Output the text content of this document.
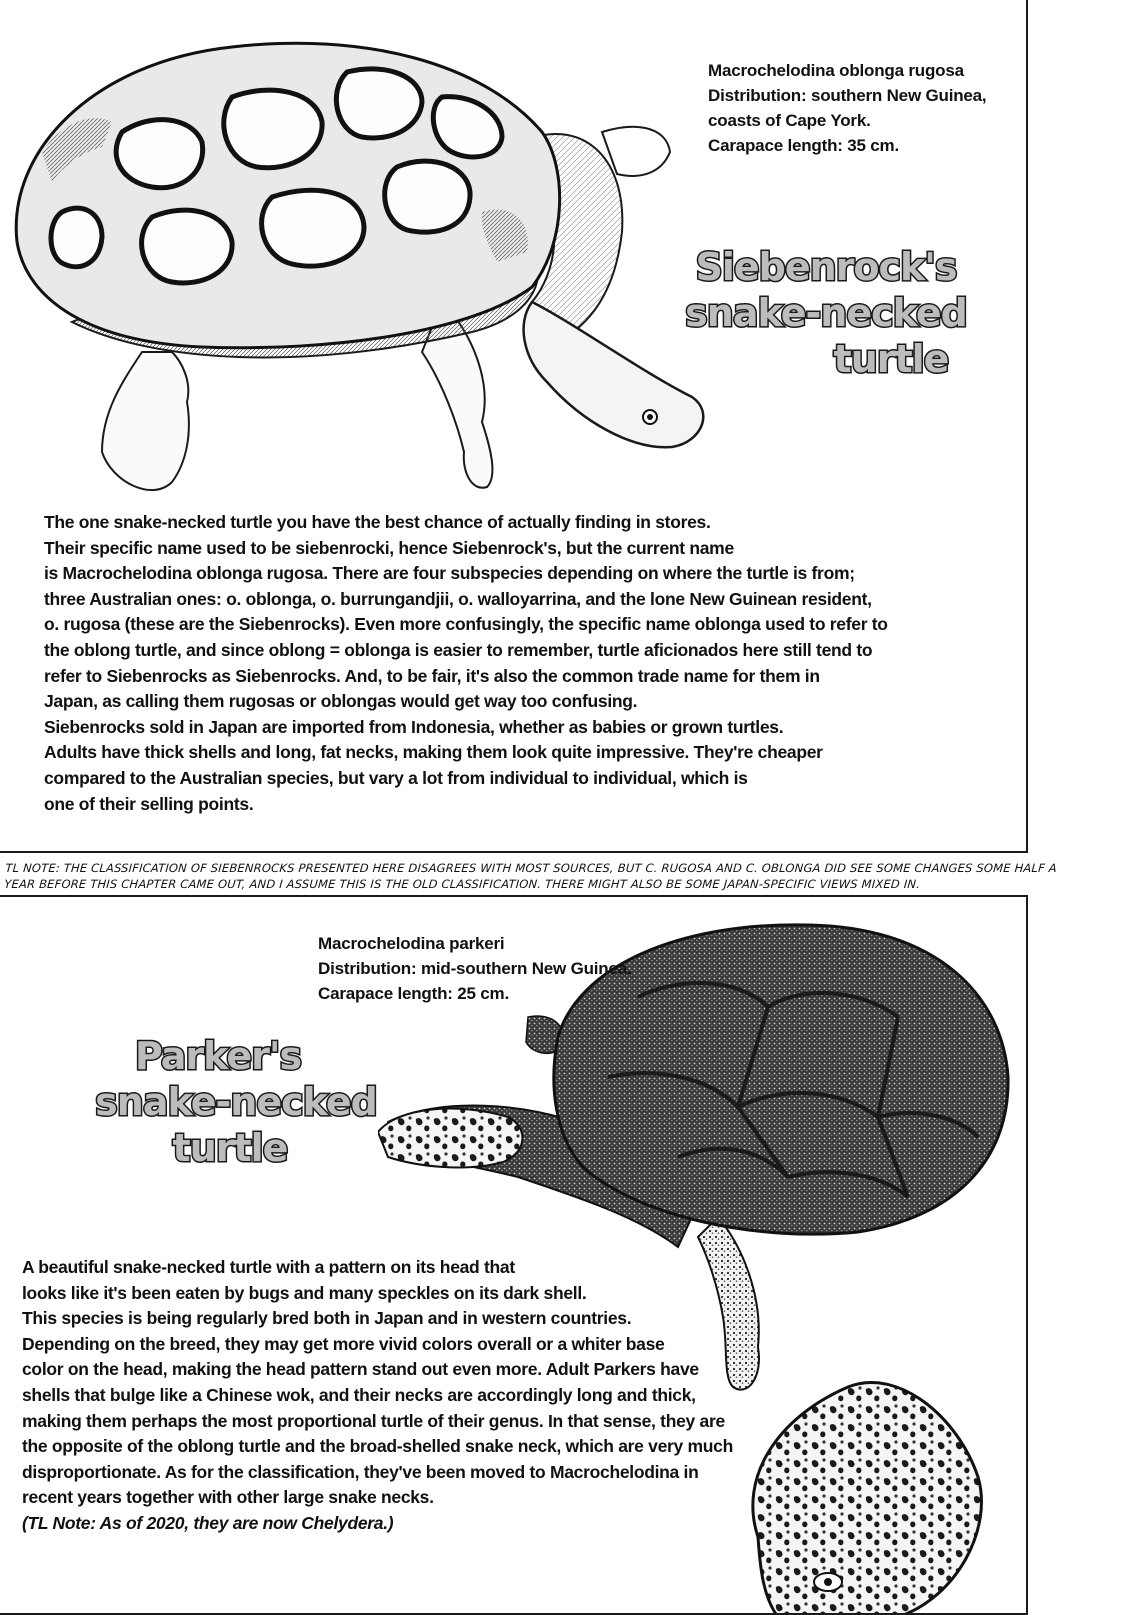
Macrochelodina oblonga rugosa
Distribution: southern New Guinea,
coasts of Cape York.
Carapace length: 35 cm.
Siebenrock's
snake-necked
turtle

The one snake-necked turtle you have the best chance of actually finding in stores.

Their specific name used to be siebenrocki, hence Siebenrock's, but the current name

is Macrochelodina oblonga rugosa. There are four subspecies depending on where the turtle is from;

three Australian ones: o. oblonga, o. burrungandjii, o. walloyarrina, and the lone New Guinean resident,

o. rugosa (these are the Siebenrocks). Even more confusingly, the specific name oblonga used to refer to

the oblong turtle, and since oblong = oblonga is easier to remember, turtle aficionados here still tend to

refer to Siebenrocks as Siebenrocks. And, to be fair, it's also the common trade name for them in

Japan, as calling them rugosas or oblongas would get way too confusing.

Siebenrocks sold in Japan are imported from Indonesia, whether as babies or grown turtles.

Adults have thick shells and long, fat necks, making them look quite impressive. They're cheaper

compared to the Australian species, but vary a lot from individual to individual, which is

one of their selling points.

TL NOTE: THE CLASSIFICATION OF SIEBENROCKS PRESENTED HERE DISAGREES WITH MOST SOURCES, BUT C. RUGOSA AND C. OBLONGA DID SEE SOME CHANGES SOME HALF A
YEAR BEFORE THIS CHAPTER CAME OUT, AND I ASSUME THIS IS THE OLD CLASSIFICATION. THERE MIGHT ALSO BE SOME JAPAN-SPECIFIC VIEWS MIXED IN.
Macrochelodina parkeri
Distribution: mid-southern New Guinea.
Carapace length: 25 cm.
Parker's
snake-necked
turtle

A beautiful snake-necked turtle with a pattern on its head that

looks like it's been eaten by bugs and many speckles on its dark shell.

This species is being regularly bred both in Japan and in western countries.

Depending on the breed, they may get more vivid colors overall or a whiter base

color on the head, making the head pattern stand out even more. Adult Parkers have

shells that bulge like a Chinese wok, and their necks are accordingly long and thick,

making them perhaps the most proportional turtle of their genus. In that sense, they are

the opposite of the oblong turtle and the broad-shelled snake neck, which are very much

disproportionate. As for the classification, they've been moved to Macrochelodina in

recent years together with other large snake necks.

(TL Note: As of 2020, they are now Chelydera.)
